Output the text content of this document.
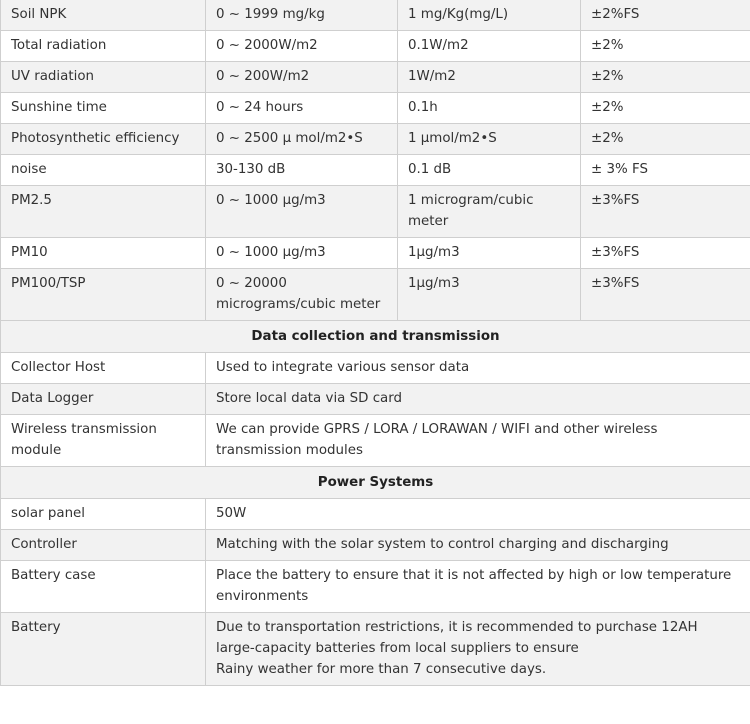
Soil NPK	0 ~ 1999 mg/kg	1 mg/Kg(mg/L)	±2%FS
Total radiation	0 ~ 2000W/m2	0.1W/m2	±2%
UV radiation	0 ~ 200W/m2	1W/m2	±2%
Sunshine time	0 ~ 24 hours	0.1h	±2%
Photosynthetic efficiency	0 ~ 2500 μ mol/m2•S	1 μmol/m2•S	±2%
noise	30-130 dB	0.1 dB	± 3% FS
PM2.5	0 ~ 1000 μg/m3	1 microgram/cubic meter	±3%FS
PM10	0 ~ 1000 μg/m3	1μg/m3	±3%FS
PM100/TSP	0 ~ 20000 micrograms/cubic meter	1μg/m3	±3%FS
Data collection and transmission			
Collector Host	Used to integrate various sensor data		
Data Logger	Store local data via SD card		
Wireless transmission module	We can provide GPRS / LORA / LORAWAN / WIFI and other wireless transmission modules		
Power Systems			
solar panel	50W		
Controller	Matching with the solar system to control charging and discharging		
Battery case	Place the battery to ensure that it is not affected by high or low temperature environments		
Battery	Due to transportation restrictions, it is recommended to purchase 12AH large-capacity batteries from local suppliers to ensure
Rainy weather for more than 7 consecutive days.		
